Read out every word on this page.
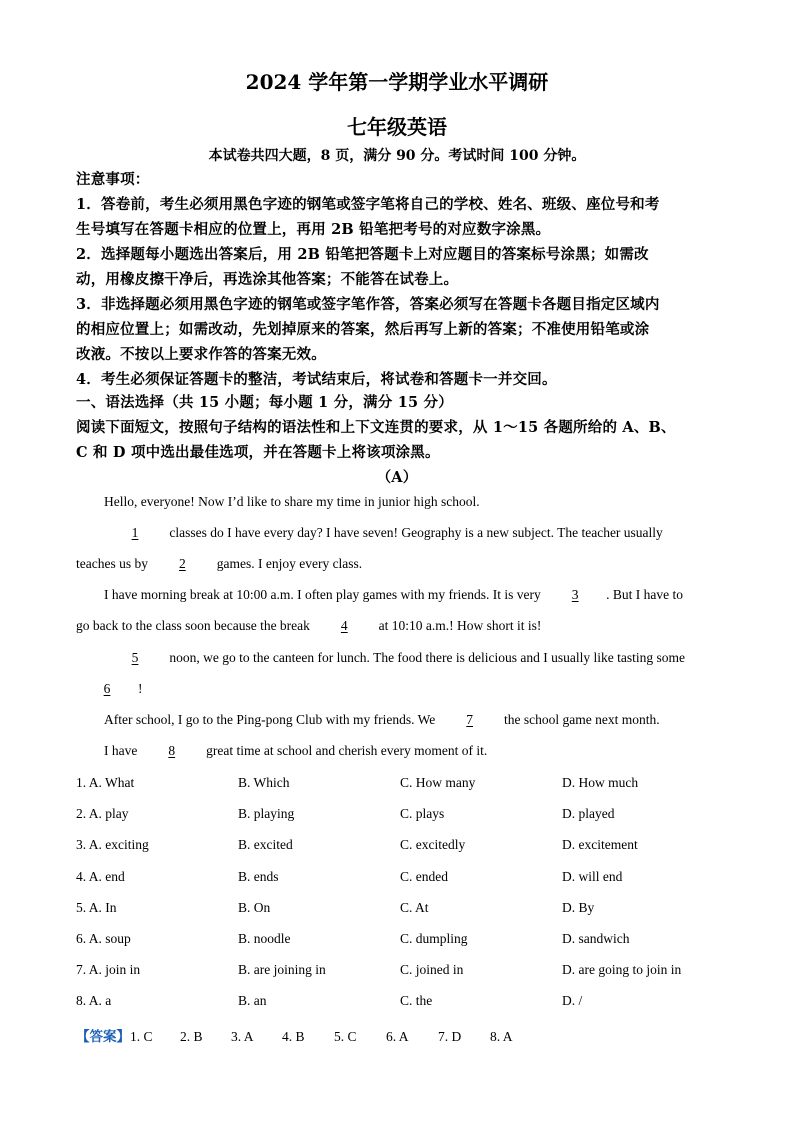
2024 学年第一学期学业水平调研
七年级英语
本试卷共四大题，8 页，满分 90 分。考试时间 100 分钟。
注意事项：
1．答卷前，考生必须用黑色字迹的钢笔或签字笔将自己的学校、姓名、班级、座位号和考
生号填写在答题卡相应的位置上，再用 2B 铅笔把考号的对应数字涂黑。
2．选择题每小题选出答案后，用 2B 铅笔把答题卡上对应题目的答案标号涂黑；如需改
动，用橡皮擦干净后，再选涂其他答案；不能答在试卷上。
3．非选择题必须用黑色字迹的钢笔或签字笔作答，答案必须写在答题卡各题目指定区域内
的相应位置上；如需改动，先划掉原来的答案，然后再写上新的答案；不准使用铅笔或涂
改液。不按以上要求作答的答案无效。
4．考生必须保证答题卡的整洁，考试结束后，将试卷和答题卡一并交回。
一、语法选择（共 15 小题；每小题 1 分，满分 15 分）
阅读下面短文，按照句子结构的语法性和上下文连贯的要求，从 1～15 各题所给的 A、B、
C 和 D 项中选出最佳选项，并在答题卡上将该项涂黑。
（A）
Hello, everyone! Now I’d like to share my time in junior high school.
1 classes do I have every day? I have seven! Geography is a new subject. The teacher usually
teaches us by 2 games. I enjoy every class.
I have morning break at 10:00 a.m. I often play games with my friends. It is very 3 . But I have to
go back to the class soon because the break 4 at 10:10 a.m.! How short it is!
5 noon, we go to the canteen for lunch. The food there is delicious and I usually like tasting some
6 !
After school, I go to the Ping-pong Club with my friends. We 7 the school game next month.
I have 8 great time at school and cherish every moment of it.
1. A. What	B. Which	C. How many	D. How much
2. A. play	B. playing	C. plays	D. played
3. A. exciting	B. excited	C. excitedly	D. excitement
4. A. end	B. ends	C. ended	D. will end
5. A. In	B. On	C. At	D. By
6. A. soup	B. noodle	C. dumpling	D. sandwich
7. A. join in	B. are joining in	C. joined in	D. are going to join in
8. A. a	B. an	C. the	D. /
【答案】1. C 2. B 3. A 4. B 5. C 6. A 7. D 8. A
